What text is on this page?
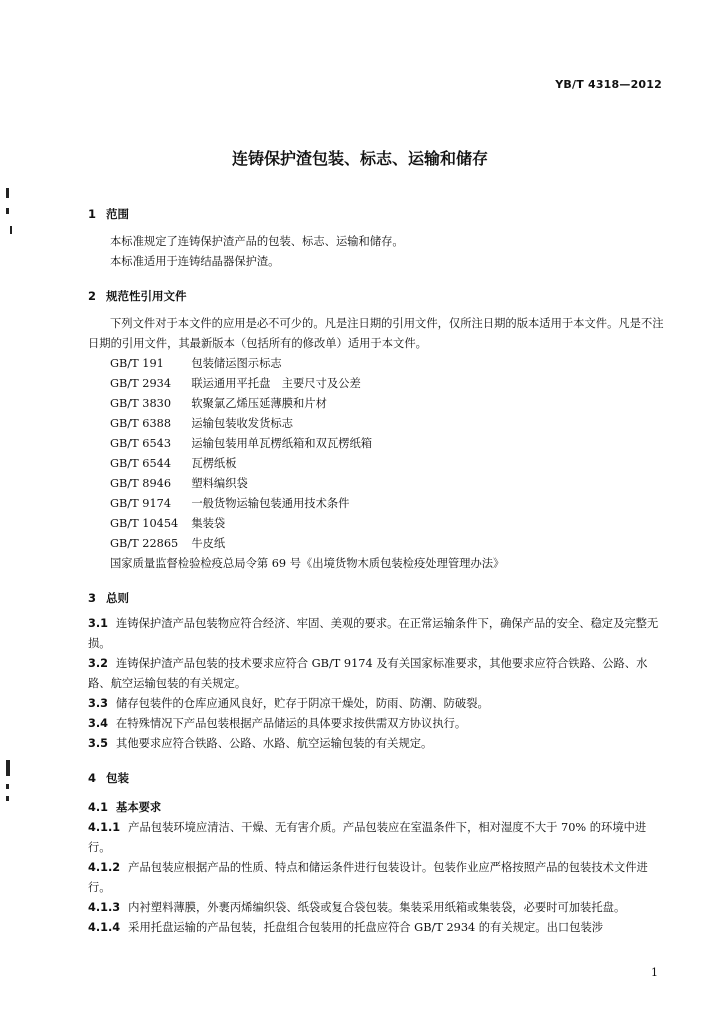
YB/T 4318—2012
连铸保护渣包装、标志、运输和储存

1 范围

本标准规定了连铸保护渣产品的包装、标志、运输和储存。

本标准适用于连铸结晶器保护渣。

2 规范性引用文件

下列文件对于本文件的应用是必不可少的。凡是注日期的引用文件，仅所注日期的版本适用于本文件。凡是不注日期的引用文件，其最新版本（包括所有的修改单）适用于本文件。

GB/T 191　 包装储运图示标志
GB/T 2934　 联运通用平托盘　主要尺寸及公差
GB/T 3830　 软聚氯乙烯压延薄膜和片材
GB/T 6388　 运输包装收发货标志
GB/T 6543　 运输包装用单瓦楞纸箱和双瓦楞纸箱
GB/T 6544　 瓦楞纸板
GB/T 8946　 塑料编织袋
GB/T 9174　 一般货物运输包装通用技术条件
GB/T 10454　 集装袋
GB/T 22865　 牛皮纸
国家质量监督检验检疫总局令第 69 号《出境货物木质包装检疫处理管理办法》

3 总则

3.1 连铸保护渣产品包装物应符合经济、牢固、美观的要求。在正常运输条件下，确保产品的安全、稳定及完整无损。

3.2 连铸保护渣产品包装的技术要求应符合 GB/T 9174 及有关国家标准要求，其他要求应符合铁路、公路、水路、航空运输包装的有关规定。

3.3 储存包装件的仓库应通风良好，贮存于阴凉干燥处，防雨、防潮、防破裂。

3.4 在特殊情况下产品包装根据产品储运的具体要求按供需双方协议执行。

3.5 其他要求应符合铁路、公路、水路、航空运输包装的有关规定。

4 包装

4.1 基本要求

4.1.1 产品包装环境应清洁、干燥、无有害介质。产品包装应在室温条件下，相对湿度不大于 70% 的环境中进行。

4.1.2 产品包装应根据产品的性质、特点和储运条件进行包装设计。包装作业应严格按照产品的包装技术文件进行。

4.1.3 内衬塑料薄膜，外裹丙烯编织袋、纸袋或复合袋包装。集装采用纸箱或集装袋，必要时可加装托盘。

4.1.4 采用托盘运输的产品包装，托盘组合包装用的托盘应符合 GB/T 2934 的有关规定。出口包装涉

1
